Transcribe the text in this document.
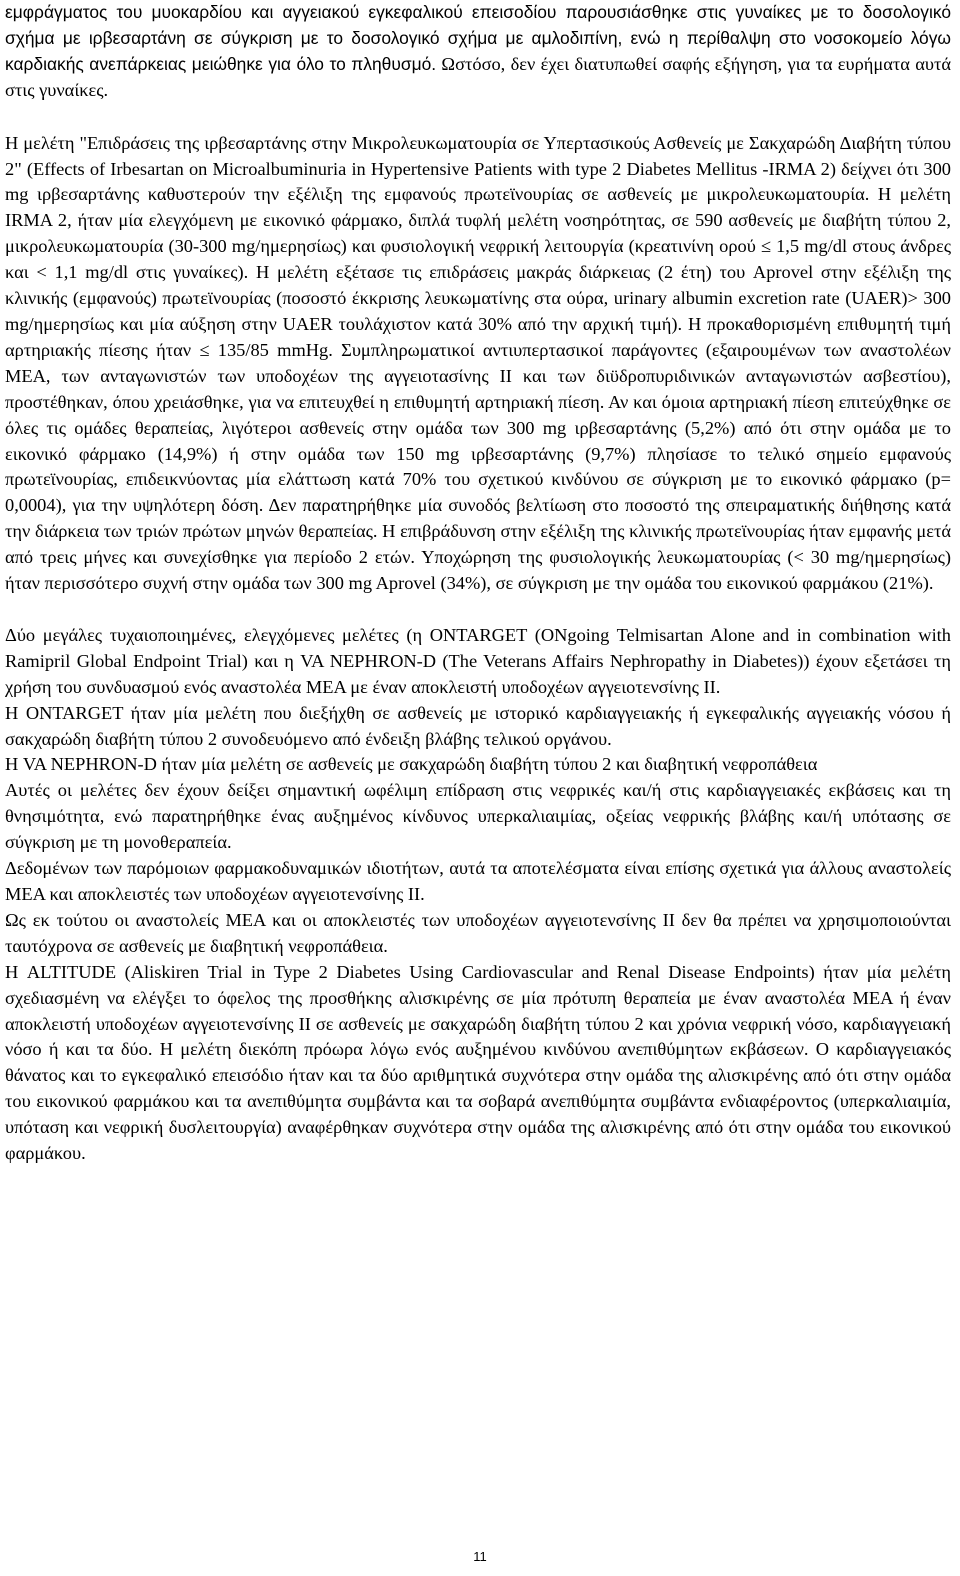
εμφράγματος του μυοκαρδίου και αγγειακού εγκεφαλικού επεισοδίου παρουσιάσθηκε στις γυναίκες με το δοσολογικό σχήμα με ιρβεσαρτάνη σε σύγκριση με το δοσολογικό σχήμα με αμλοδιπίνη, ενώ η περίθαλψη στο νοσοκομείο λόγω καρδιακής ανεπάρκειας μειώθηκε για όλο το πληθυσμό. Ωστόσο, δεν έχει διατυπωθεί σαφής εξήγηση, για τα ευρήματα αυτά στις γυναίκες.

Η μελέτη "Επιδράσεις της ιρβεσαρτάνης στην Μικρολευκωματουρία σε Υπερτασικούς Ασθενείς με Σακχαρώδη Διαβήτη τύπου 2" (Effects of Irbesartan on Microalbuminuria in Hypertensive Patients with type 2 Diabetes Mellitus -IRMA 2) δείχνει ότι 300 mg ιρβεσαρτάνης καθυστερούν την εξέλιξη της εμφανούς πρωτεϊνουρίας σε ασθενείς με μικρολευκωματουρία. Η μελέτη IRMA 2, ήταν μία ελεγχόμενη με εικονικό φάρμακο, διπλά τυφλή μελέτη νοσηρότητας, σε 590 ασθενείς με διαβήτη τύπου 2, μικρολευκωματουρία (30-300 mg/ημερησίως) και φυσιολογική νεφρική λειτουργία (κρεατινίνη ορού ≤ 1,5 mg/dl στους άνδρες και < 1,1 mg/dl στις γυναίκες). Η μελέτη εξέτασε τις επιδράσεις μακράς διάρκειας (2 έτη) του Aprovel στην εξέλιξη της κλινικής (εμφανούς) πρωτεϊνουρίας (ποσοστό έκκρισης λευκωματίνης στα ούρα, urinary albumin excretion rate (UAER)> 300 mg/ημερησίως και μία αύξηση στην UAER τουλάχιστον κατά 30% από την αρχική τιμή). Η προκαθορισμένη επιθυμητή τιμή αρτηριακής πίεσης ήταν ≤ 135/85 mmHg. Συμπληρωματικοί αντιυπερτασικοί παράγοντες (εξαιρουμένων των αναστολέων ΜΕΑ, των ανταγωνιστών των υποδοχέων της αγγειοτασίνης ΙΙ και των διϋδροπυριδινικών ανταγωνιστών ασβεστίου), προστέθηκαν, όπου χρειάσθηκε, για να επιτευχθεί η επιθυμητή αρτηριακή πίεση. Αν και όμοια αρτηριακή πίεση επιτεύχθηκε σε όλες τις ομάδες θεραπείας, λιγότεροι ασθενείς στην ομάδα των 300 mg ιρβεσαρτάνης (5,2%) από ότι στην ομάδα με το εικονικό φάρμακο (14,9%) ή στην ομάδα των 150 mg ιρβεσαρτάνης (9,7%) πλησίασε το τελικό σημείο εμφανούς πρωτεϊνουρίας, επιδεικνύοντας μία ελάττωση κατά 70% του σχετικού κινδύνου σε σύγκριση με το εικονικό φάρμακο (p= 0,0004), για την υψηλότερη δόση. Δεν παρατηρήθηκε μία συνοδός βελτίωση στο ποσοστό της σπειραματικής διήθησης κατά την διάρκεια των τριών πρώτων μηνών θεραπείας. Η επιβράδυνση στην εξέλιξη της κλινικής πρωτεϊνουρίας ήταν εμφανής μετά από τρεις μήνες και συνεχίσθηκε για περίοδο 2 ετών. Υποχώρηση της φυσιολογικής λευκωματουρίας (< 30 mg/ημερησίως) ήταν περισσότερο συχνή στην ομάδα των 300 mg Aprovel (34%), σε σύγκριση με την ομάδα του εικονικού φαρμάκου (21%).

Δύο μεγάλες τυχαιοποιημένες, ελεγχόμενες μελέτες (η ONTARGET (ONgoing Telmisartan Alone and in combination with Ramipril Global Endpoint Trial) και η VA NEPHRON-D (The Veterans Affairs Nephropathy in Diabetes)) έχουν εξετάσει τη χρήση του συνδυασμού ενός αναστολέα ΜΕΑ με έναν αποκλειστή υποδοχέων αγγειοτενσίνης ΙΙ.

Η ONTARGET ήταν μία μελέτη που διεξήχθη σε ασθενείς με ιστορικό καρδιαγγειακής ή εγκεφαλικής αγγειακής νόσου ή σακχαρώδη διαβήτη τύπου 2 συνοδευόμενο από ένδειξη βλάβης τελικού οργάνου.

Η VA NEPHRON-D ήταν μία μελέτη σε ασθενείς με σακχαρώδη διαβήτη τύπου 2 και διαβητική νεφροπάθεια

Αυτές οι μελέτες δεν έχουν δείξει σημαντική ωφέλιμη επίδραση στις νεφρικές και/ή στις καρδιαγγειακές εκβάσεις και τη θνησιμότητα, ενώ παρατηρήθηκε ένας αυξημένος κίνδυνος υπερκαλιαιμίας, οξείας νεφρικής βλάβης και/ή υπότασης σε σύγκριση με τη μονοθεραπεία.

Δεδομένων των παρόμοιων φαρμακοδυναμικών ιδιοτήτων, αυτά τα αποτελέσματα είναι επίσης σχετικά για άλλους αναστολείς ΜΕΑ και αποκλειστές των υποδοχέων αγγειοτενσίνης ΙΙ.

Ως εκ τούτου οι αναστολείς ΜΕΑ και οι αποκλειστές των υποδοχέων αγγειοτενσίνης ΙΙ δεν θα πρέπει να χρησιμοποιούνται ταυτόχρονα σε ασθενείς με διαβητική νεφροπάθεια.

Η ALTITUDE (Aliskiren Trial in Type 2 Diabetes Using Cardiovascular and Renal Disease Endpoints) ήταν μία μελέτη σχεδιασμένη να ελέγξει το όφελος της προσθήκης αλισκιρένης σε μία πρότυπη θεραπεία με έναν αναστολέα ΜΕΑ ή έναν αποκλειστή υποδοχέων αγγειοτενσίνης ΙΙ σε ασθενείς με σακχαρώδη διαβήτη τύπου 2 και χρόνια νεφρική νόσο, καρδιαγγειακή νόσο ή και τα δύο. Η μελέτη διεκόπη πρόωρα λόγω ενός αυξημένου κινδύνου ανεπιθύμητων εκβάσεων. Ο καρδιαγγειακός θάνατος και το εγκεφαλικό επεισόδιο ήταν και τα δύο αριθμητικά συχνότερα στην ομάδα της αλισκιρένης από ότι στην ομάδα του εικονικού φαρμάκου και τα ανεπιθύμητα συμβάντα και τα σοβαρά ανεπιθύμητα συμβάντα ενδιαφέροντος (υπερκαλιαιμία, υπόταση και νεφρική δυσλειτουργία) αναφέρθηκαν συχνότερα στην ομάδα της αλισκιρένης από ότι στην ομάδα του εικονικού φαρμάκου.

11
